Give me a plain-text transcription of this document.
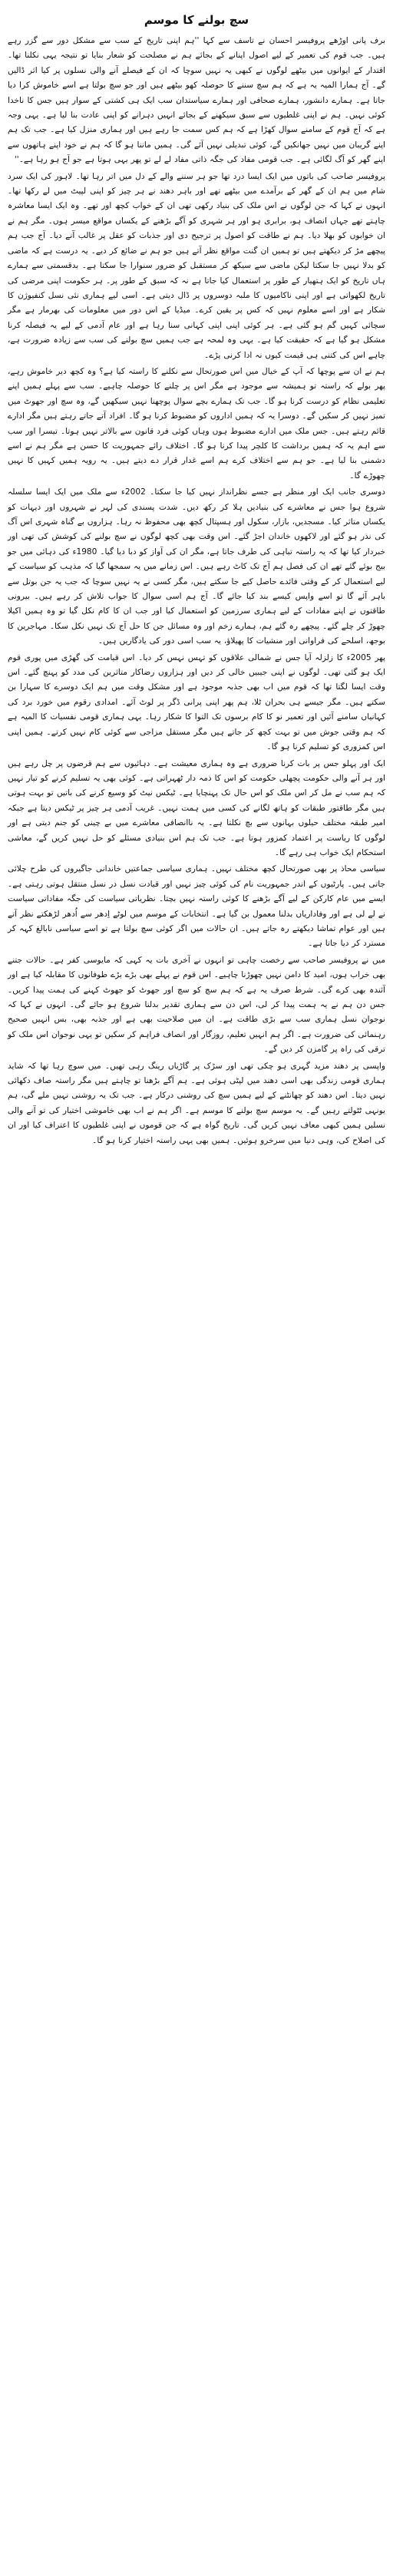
سچ بولنے کا موسم

برف پانی اوڑھے پروفیسر احسان نے تاسف سے کہا ''ہم اپنی تاریخ کے سب سے مشکل دور سے گزر رہے ہیں۔ جب قوم کی تعمیر کے لیے اصول اپنانے کے بجائے ہم نے مصلحت کو شعار بنایا تو نتیجہ یہی نکلنا تھا۔ اقتدار کے ایوانوں میں بیٹھے لوگوں نے کبھی یہ نہیں سوچا کہ ان کے فیصلے آنے والی نسلوں پر کیا اثر ڈالیں گے۔ آج ہمارا المیہ یہ ہے کہ ہم سچ سننے کا حوصلہ کھو بیٹھے ہیں اور جو سچ بولتا ہے اسے خاموش کرا دیا جاتا ہے۔ ہمارے دانشور، ہمارے صحافی اور ہمارے سیاستدان سب ایک ہی کشتی کے سوار ہیں جس کا ناخدا کوئی نہیں۔ ہم نے اپنی غلطیوں سے سبق سیکھنے کے بجائے انہیں دہرانے کو اپنی عادت بنا لیا ہے۔ یہی وجہ ہے کہ آج قوم کے سامنے سوال کھڑا ہے کہ ہم کس سمت جا رہے ہیں اور ہماری منزل کیا ہے۔ جب تک ہم اپنے گریبان میں نہیں جھانکیں گے، کوئی تبدیلی نہیں آئے گی۔ ہمیں ماننا ہو گا کہ ہم نے خود اپنے ہاتھوں سے اپنے گھر کو آگ لگائی ہے۔ جب قومی مفاد کی جگہ ذاتی مفاد لے لے تو پھر یہی ہوتا ہے جو آج ہو رہا ہے۔''

پروفیسر صاحب کی باتوں میں ایک ایسا درد تھا جو ہر سننے والے کے دل میں اتر رہا تھا۔ لاہور کی ایک سرد شام میں ہم ان کے گھر کے برآمدے میں بیٹھے تھے اور باہر دھند نے ہر چیز کو اپنی لپیٹ میں لے رکھا تھا۔ انہوں نے کہا کہ جن لوگوں نے اس ملک کی بنیاد رکھی تھی ان کے خواب کچھ اور تھے۔ وہ ایک ایسا معاشرہ چاہتے تھے جہاں انصاف ہو، برابری ہو اور ہر شہری کو آگے بڑھنے کے یکساں مواقع میسر ہوں۔ مگر ہم نے ان خوابوں کو بھلا دیا۔ ہم نے طاقت کو اصول پر ترجیح دی اور جذبات کو عقل پر غالب آنے دیا۔ آج جب ہم پیچھے مڑ کر دیکھتے ہیں تو ہمیں ان گنت مواقع نظر آتے ہیں جو ہم نے ضائع کر دیے۔ یہ درست ہے کہ ماضی کو بدلا نہیں جا سکتا لیکن ماضی سے سیکھ کر مستقبل کو ضرور سنوارا جا سکتا ہے۔ بدقسمتی سے ہمارے ہاں تاریخ کو ایک ہتھیار کے طور پر استعمال کیا جاتا ہے نہ کہ سبق کے طور پر۔ ہر حکومت اپنی مرضی کی تاریخ لکھواتی ہے اور اپنی ناکامیوں کا ملبہ دوسروں پر ڈال دیتی ہے۔ اسی لیے ہماری نئی نسل کنفیوژن کا شکار ہے اور اسے معلوم نہیں کہ کس پر یقین کرے۔ میڈیا کے اس دور میں معلومات کی بھرمار ہے مگر سچائی کہیں گم ہو گئی ہے۔ ہر کوئی اپنی اپنی کہانی سنا رہا ہے اور عام آدمی کے لیے یہ فیصلہ کرنا مشکل ہو گیا ہے کہ حقیقت کیا ہے۔ یہی وہ لمحہ ہے جب ہمیں سچ بولنے کی سب سے زیادہ ضرورت ہے، چاہے اس کی کتنی ہی قیمت کیوں نہ ادا کرنی پڑے۔

ہم نے ان سے پوچھا کہ آپ کے خیال میں اس صورتحال سے نکلنے کا راستہ کیا ہے؟ وہ کچھ دیر خاموش رہے، پھر بولے کہ راستہ تو ہمیشہ سے موجود ہے مگر اس پر چلنے کا حوصلہ چاہیے۔ سب سے پہلے ہمیں اپنے تعلیمی نظام کو درست کرنا ہو گا۔ جب تک ہمارے بچے سوال پوچھنا نہیں سیکھیں گے، وہ سچ اور جھوٹ میں تمیز نہیں کر سکیں گے۔ دوسرا یہ کہ ہمیں اداروں کو مضبوط کرنا ہو گا۔ افراد آتے جاتے رہتے ہیں مگر ادارے قائم رہتے ہیں۔ جس ملک میں ادارے مضبوط ہوں وہاں کوئی فرد قانون سے بالاتر نہیں ہوتا۔ تیسرا اور سب سے اہم یہ کہ ہمیں برداشت کا کلچر پیدا کرنا ہو گا۔ اختلاف رائے جمہوریت کا حسن ہے مگر ہم نے اسے دشمنی بنا لیا ہے۔ جو ہم سے اختلاف کرے ہم اسے غدار قرار دے دیتے ہیں۔ یہ رویہ ہمیں کہیں کا نہیں چھوڑے گا۔

دوسری جانب ایک اور منظر ہے جسے نظرانداز نہیں کیا جا سکتا۔ 2002ء سے ملک میں ایک ایسا سلسلہ شروع ہوا جس نے معاشرے کی بنیادیں ہلا کر رکھ دیں۔ شدت پسندی کی لہر نے شہروں اور دیہات کو یکساں متاثر کیا۔ مسجدیں، بازار، سکول اور ہسپتال کچھ بھی محفوظ نہ رہا۔ ہزاروں بے گناہ شہری اس آگ کی نذر ہو گئے اور لاکھوں خاندان اجڑ گئے۔ اس وقت بھی کچھ لوگوں نے سچ بولنے کی کوشش کی تھی اور خبردار کیا تھا کہ یہ راستہ تباہی کی طرف جاتا ہے، مگر ان کی آواز کو دبا دیا گیا۔ 1980ء کی دہائی میں جو بیج بوئے گئے تھے ان کی فصل ہم آج تک کاٹ رہے ہیں۔ اس زمانے میں یہ سمجھا گیا کہ مذہب کو سیاست کے لیے استعمال کر کے وقتی فائدے حاصل کیے جا سکتے ہیں، مگر کسی نے یہ نہیں سوچا کہ جب یہ جن بوتل سے باہر آئے گا تو اسے واپس کیسے بند کیا جائے گا۔ آج ہم اسی سوال کا جواب تلاش کر رہے ہیں۔ بیرونی طاقتوں نے اپنے مفادات کے لیے ہماری سرزمین کو استعمال کیا اور جب ان کا کام نکل گیا تو وہ ہمیں اکیلا چھوڑ کر چلے گئے۔ پیچھے رہ گئے ہم، ہمارے زخم اور وہ مسائل جن کا حل آج تک نہیں نکل سکا۔ مہاجرین کا بوجھ، اسلحے کی فراوانی اور منشیات کا پھیلاؤ، یہ سب اسی دور کی یادگاریں ہیں۔

پھر 2005ء کا زلزلہ آیا جس نے شمالی علاقوں کو تہس نہس کر دیا۔ اس قیامت کی گھڑی میں پوری قوم ایک ہو گئی تھی۔ لوگوں نے اپنی جیبیں خالی کر دیں اور ہزاروں رضاکار متاثرین کی مدد کو پہنچ گئے۔ اس وقت ایسا لگتا تھا کہ قوم میں اب بھی جذبہ موجود ہے اور مشکل وقت میں ہم ایک دوسرے کا سہارا بن سکتے ہیں۔ مگر جیسے ہی بحران ٹلا، ہم پھر اپنی پرانی ڈگر پر لوٹ آئے۔ امدادی رقوم میں خورد برد کی کہانیاں سامنے آئیں اور تعمیر نو کا کام برسوں تک التوا کا شکار رہا۔ یہی ہماری قومی نفسیات کا المیہ ہے کہ ہم وقتی جوش میں تو بہت کچھ کر جاتے ہیں مگر مستقل مزاجی سے کوئی کام نہیں کرتے۔ ہمیں اپنی اس کمزوری کو تسلیم کرنا ہو گا۔

ایک اور پہلو جس پر بات کرنا ضروری ہے وہ ہماری معیشت ہے۔ دہائیوں سے ہم قرضوں پر چل رہے ہیں اور ہر آنے والی حکومت پچھلی حکومت کو اس کا ذمہ دار ٹھہراتی ہے۔ کوئی بھی یہ تسلیم کرنے کو تیار نہیں کہ ہم سب نے مل کر اس ملک کو اس حال تک پہنچایا ہے۔ ٹیکس نیٹ کو وسیع کرنے کی باتیں تو بہت ہوتی ہیں مگر طاقتور طبقات کو ہاتھ لگانے کی کسی میں ہمت نہیں۔ غریب آدمی ہر چیز پر ٹیکس دیتا ہے جبکہ امیر طبقہ مختلف حیلوں بہانوں سے بچ نکلتا ہے۔ یہ ناانصافی معاشرے میں بے چینی کو جنم دیتی ہے اور لوگوں کا ریاست پر اعتماد کمزور ہوتا ہے۔ جب تک ہم اس بنیادی مسئلے کو حل نہیں کریں گے، معاشی استحکام ایک خواب ہی رہے گا۔

سیاسی محاذ پر بھی صورتحال کچھ مختلف نہیں۔ ہماری سیاسی جماعتیں خاندانی جاگیروں کی طرح چلائی جاتی ہیں۔ پارٹیوں کے اندر جمہوریت نام کی کوئی چیز نہیں اور قیادت نسل در نسل منتقل ہوتی رہتی ہے۔ ایسے میں عام کارکن کے لیے آگے بڑھنے کا کوئی راستہ نہیں بچتا۔ نظریاتی سیاست کی جگہ مفاداتی سیاست نے لے لی ہے اور وفاداریاں بدلنا معمول بن گیا ہے۔ انتخابات کے موسم میں لوٹے اِدھر سے اُدھر لڑھکتے نظر آتے ہیں اور عوام تماشا دیکھتے رہ جاتے ہیں۔ ان حالات میں اگر کوئی سچ بولتا ہے تو اسے سیاسی نابالغ کہہ کر مسترد کر دیا جاتا ہے۔

میں نے پروفیسر صاحب سے رخصت چاہی تو انہوں نے آخری بات یہ کہی کہ مایوسی کفر ہے۔ حالات جتنے بھی خراب ہوں، امید کا دامن نہیں چھوڑنا چاہیے۔ اس قوم نے پہلے بھی بڑے بڑے طوفانوں کا مقابلہ کیا ہے اور آئندہ بھی کرے گی۔ شرط صرف یہ ہے کہ ہم سچ کو سچ اور جھوٹ کو جھوٹ کہنے کی ہمت پیدا کریں۔ جس دن ہم نے یہ ہمت پیدا کر لی، اس دن سے ہماری تقدیر بدلنا شروع ہو جائے گی۔ انہوں نے کہا کہ نوجوان نسل ہماری سب سے بڑی طاقت ہے۔ ان میں صلاحیت بھی ہے اور جذبہ بھی، بس انہیں صحیح رہنمائی کی ضرورت ہے۔ اگر ہم انہیں تعلیم، روزگار اور انصاف فراہم کر سکیں تو یہی نوجوان اس ملک کو ترقی کی راہ پر گامزن کر دیں گے۔

واپسی پر دھند مزید گہری ہو چکی تھی اور سڑک پر گاڑیاں رینگ رہی تھیں۔ میں سوچ رہا تھا کہ شاید ہماری قومی زندگی بھی اسی دھند میں لپٹی ہوئی ہے۔ ہم آگے بڑھنا تو چاہتے ہیں مگر راستہ صاف دکھائی نہیں دیتا۔ اس دھند کو چھانٹنے کے لیے ہمیں سچ کی روشنی درکار ہے۔ جب تک یہ روشنی نہیں ملے گی، ہم یونہی ٹٹولتے رہیں گے۔ یہ موسم سچ بولنے کا موسم ہے۔ اگر ہم نے اب بھی خاموشی اختیار کی تو آنے والی نسلیں ہمیں کبھی معاف نہیں کریں گی۔ تاریخ گواہ ہے کہ جن قوموں نے اپنی غلطیوں کا اعتراف کیا اور ان کی اصلاح کی، وہی دنیا میں سرخرو ہوئیں۔ ہمیں بھی یہی راستہ اختیار کرنا ہو گا۔
